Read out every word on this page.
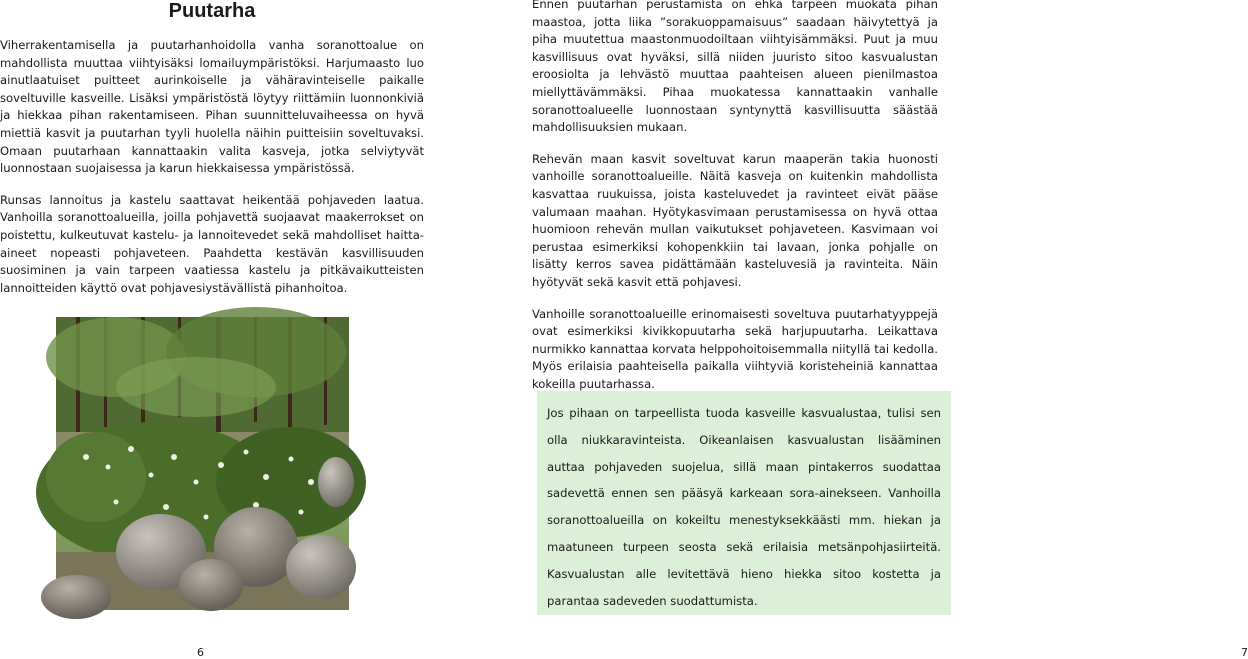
Puutarha

Viherrakentamisella ja puutarhanhoidolla vanha soranottoalue on mahdollista muuttaa viihtyisäksi lomailuympäristöksi. Harjumaasto luo ainutlaatuiset puitteet aurinkoiselle ja vähäravinteiselle paikalle soveltuville kasveille. Lisäksi ympäristöstä löytyy riittämiin luonnonkiviä ja hiekkaa pihan rakentamiseen. Pihan suunnitteluvaiheessa on hyvä miettiä kasvit ja puutarhan tyyli huolella näihin puitteisiin soveltuvaksi. Omaan puutarhaan kannattaakin valita kasveja, jotka selviytyvät luonnostaan suojaisessa ja karun hiekkaisessa ympäristössä.

Runsas lannoitus ja kastelu saattavat heikentää pohjaveden laatua. Vanhoilla soranottoalueilla, joilla pohjavettä suojaavat maakerrokset on poistettu, kulkeutuvat kastelu- ja lannoitevedet sekä mahdolliset haitta-aineet nopeasti pohjaveteen. Paahdetta kestävän kasvillisuuden suosiminen ja vain tarpeen vaatiessa kastelu ja pitkävaikutteisten lannoitteiden käyttö ovat pohjavesiystävällistä pihanhoitoa.

6

Ennen puutarhan perustamista on ehkä tarpeen muokata pihan maastoa, jotta liika ”sorakuoppamaisuus” saadaan häivytettyä ja piha muutettua maastonmuodoiltaan viihtyisämmäksi. Puut ja muu kasvillisuus ovat hyväksi, sillä niiden juuristo sitoo kasvualustan eroosiolta ja lehvästö muuttaa paahteisen alueen pienilmastoa miellyttävämmäksi. Pihaa muokatessa kannattaakin vanhalle soranottoalueelle luonnostaan syntynyttä kasvillisuutta säästää mahdollisuuksien mukaan.

Rehevän maan kasvit soveltuvat karun maaperän takia huonosti vanhoille soranottoalueille. Näitä kasveja on kuitenkin mahdollista kasvattaa ruukuissa, joista kasteluvedet ja ravinteet eivät pääse valumaan maahan. Hyötykasvimaan perustamisessa on hyvä ottaa huomioon rehevän mullan vaikutukset pohjaveteen. Kasvimaan voi perustaa esimerkiksi kohopenkkiin tai lavaan, jonka pohjalle on lisätty kerros savea pidättämään kasteluvesiä ja ravinteita. Näin hyötyvät sekä kasvit että pohjavesi.

Vanhoille soranottoalueille erinomaisesti soveltuva puutarhatyyppejä ovat esimerkiksi kivikkopuutarha sekä harjupuutarha. Leikattava nurmikko kannattaa korvata helppohoitoisemmalla niityllä tai kedolla. Myös erilaisia paahteisella paikalla viihtyviä koristeheiniä kannattaa kokeilla puutarhassa.

7
Jos pihaan on tarpeellista tuoda kasveille kasvualustaa, tulisi sen olla niukkaravinteista. Oikeanlaisen kasvualustan lisääminen auttaa pohjaveden suojelua, sillä maan pintakerros suodattaa sadevettä ennen sen pääsyä karkeaan sora-ainekseen. Vanhoilla soranottoalueilla on kokeiltu menestyksekkäästi mm. hiekan ja maatuneen turpeen seosta sekä erilaisia metsänpohjasiirteitä. Kasvualustan alle levitettävä hieno hiekka sitoo kostetta ja parantaa sadeveden suodattumista.
